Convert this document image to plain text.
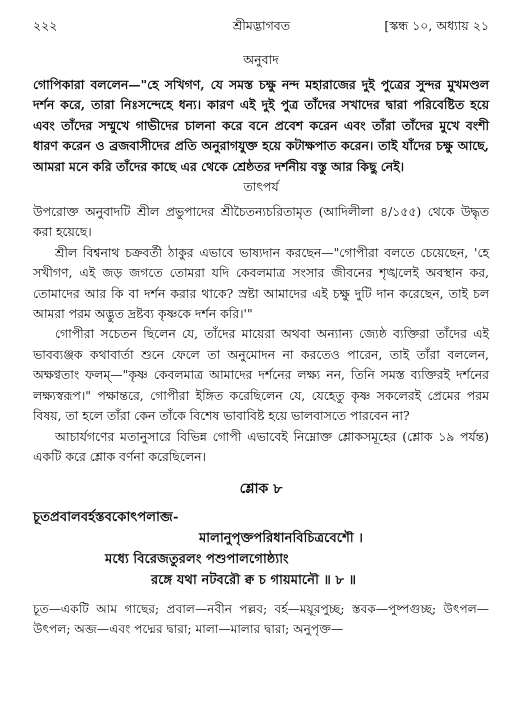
২২২	[স্কন্ধ ১০, অধ্যায় ২১
শ্রীমদ্ভাগবত
অনুবাদ

গোপিকারা বললেন—"হে সখিগণ, যে সমস্ত চক্ষু নন্দ মহারাজের দুই পুত্রের সুন্দর মুখমণ্ডল দর্শন করে, তারা নিঃসন্দেহে ধন্য। কারণ এই দুই পুত্র তাঁদের সখাদের দ্বারা পরিবেষ্টিত হয়ে এবং তাঁদের সম্মুখে গাভীদের চালনা করে বনে প্রবেশ করেন এবং তাঁরা তাঁদের মুখে বংশী ধারণ করেন ও ব্রজবাসীদের প্রতি অনুরাগযুক্ত হয়ে কটাক্ষপাত করেন। তাই যাঁদের চক্ষু আছে, আমরা মনে করি তাঁদের কাছে এর থেকে শ্রেষ্ঠতর দর্শনীয় বস্তু আর কিছু নেই।

তাৎপর্য

উপরোক্ত অনুবাদটি শ্রীল প্রভুপাদের শ্রীচৈতন্যচরিতামৃত (আদিলীলা ৪/১৫৫) থেকে উদ্ধৃত করা হয়েছে।

শ্রীল বিশ্বনাথ চক্রবর্তী ঠাকুর এভাবে ভাষ্যদান করছেন—"গোপীরা বলতে চেয়েছেন, 'হে সখীগণ, এই জড় জগতে তোমরা যদি কেবলমাত্র সংসার জীবনের শৃঙ্খলেই অবস্থান কর, তোমাদের আর কি বা দর্শন করার থাকে? স্রষ্টা আমাদের এই চক্ষু দুটি দান করেছেন, তাই চল আমরা পরম অদ্ভুত দ্রষ্টব্য কৃষ্ণকে দর্শন করি।'"

গোপীরা সচেতন ছিলেন যে, তাঁদের মায়েরা অথবা অন্যান্য জ্যেষ্ঠ ব্যক্তিরা তাঁদের এই ভাবব্যঞ্জক কথাবার্তা শুনে ফেলে তা অনুমোদন না করতেও পারেন, তাই তাঁরা বললেন, অক্ষণ্বতাং ফলম্—"কৃষ্ণ কেবলমাত্র আমাদের দর্শনের লক্ষ্য নন, তিনি সমস্ত ব্যক্তিরই দর্শনের লক্ষ্যস্বরূপ।" পক্ষান্তরে, গোপীরা ইঙ্গিত করেছিলেন যে, যেহেতু কৃষ্ণ সকলেরই প্রেমের পরম বিষয়, তা হলে তাঁরা কেন তাঁকে বিশেষ ভাবাবিষ্ট হয়ে ভালবাসতে পারবেন না?

আচার্যগণের মতানুসারে বিভিন্ন গোপী এভাবেই নিম্নোক্ত শ্লোকসমূহের (শ্লোক ১৯ পর্যন্ত) একটি করে শ্লোক বর্ণনা করেছিলেন।

শ্লোক ৮
চূতপ্রবালবর্হস্তবকোৎপলাব্জ-
মালানুপৃক্তপরিধানবিচিত্রবেশৌ ।
মধ্যে বিরেজতুরলং পশুপালগোষ্ঠ্যাং
রঙ্গে যথা নটবরৌ ক্ব চ গায়মানৌ ॥ ৮ ॥
চূত—একটি আম গাছের; প্রবাল—নবীন পল্লব; বর্হ—ময়ূরপুচ্ছ; স্তবক—পুষ্পগুচ্ছ; উৎপল—উৎপল; অব্জ—এবং পদ্মের দ্বারা; মালা—মালার দ্বারা; অনুপৃক্ত—
